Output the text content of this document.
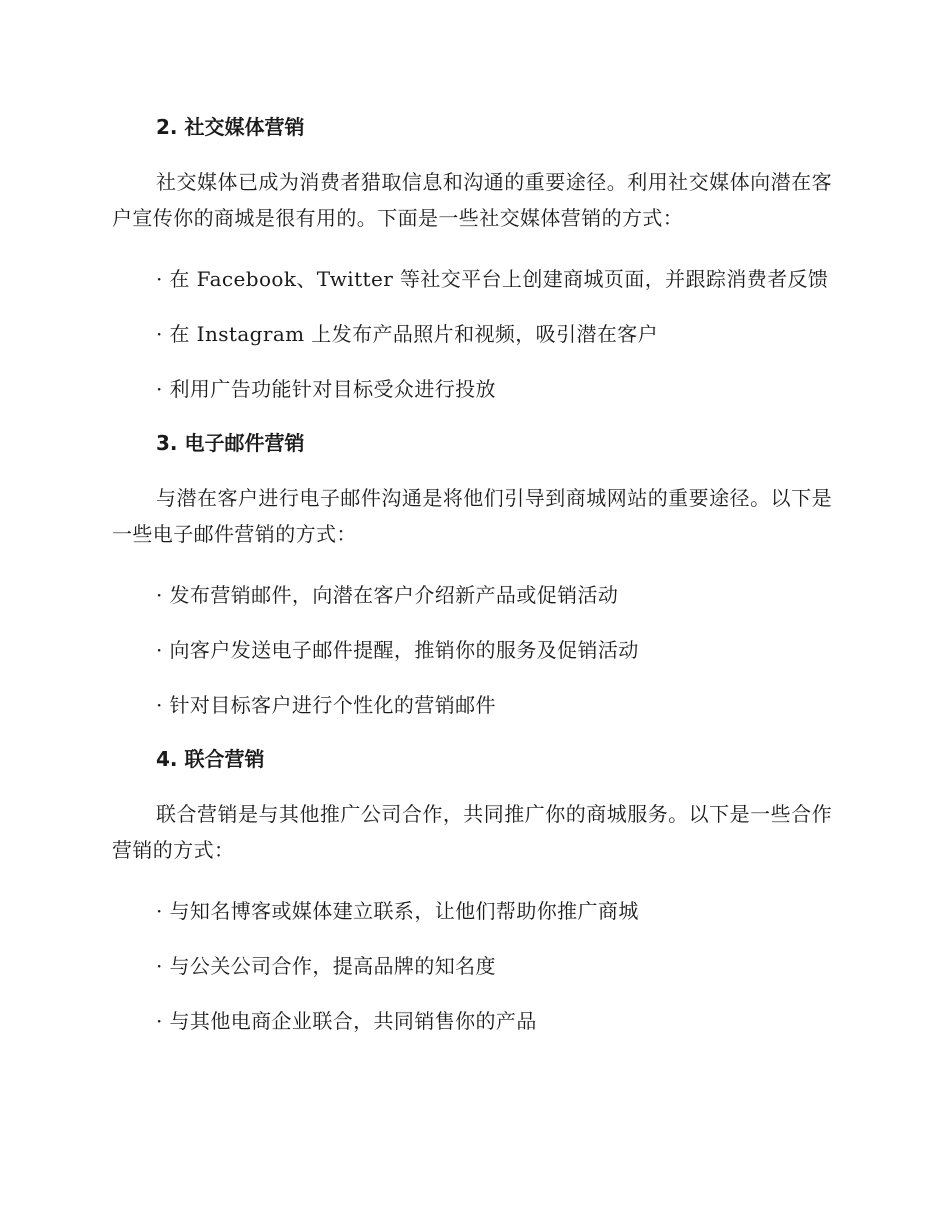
2. 社交媒体营销
社交媒体已成为消费者猎取信息和沟通的重要途径。利用社交媒体向潜在客户宣传你的商城是很有用的。下面是一些社交媒体营销的方式：
· 在 Facebook、Twitter 等社交平台上创建商城页面，并跟踪消费者反馈
· 在 Instagram 上发布产品照片和视频，吸引潜在客户
· 利用广告功能针对目标受众进行投放
3. 电子邮件营销
与潜在客户进行电子邮件沟通是将他们引导到商城网站的重要途径。以下是一些电子邮件营销的方式：
· 发布营销邮件，向潜在客户介绍新产品或促销活动
· 向客户发送电子邮件提醒，推销你的服务及促销活动
· 针对目标客户进行个性化的营销邮件
4. 联合营销
联合营销是与其他推广公司合作，共同推广你的商城服务。以下是一些合作营销的方式：
· 与知名博客或媒体建立联系，让他们帮助你推广商城
· 与公关公司合作，提高品牌的知名度
· 与其他电商企业联合，共同销售你的产品
